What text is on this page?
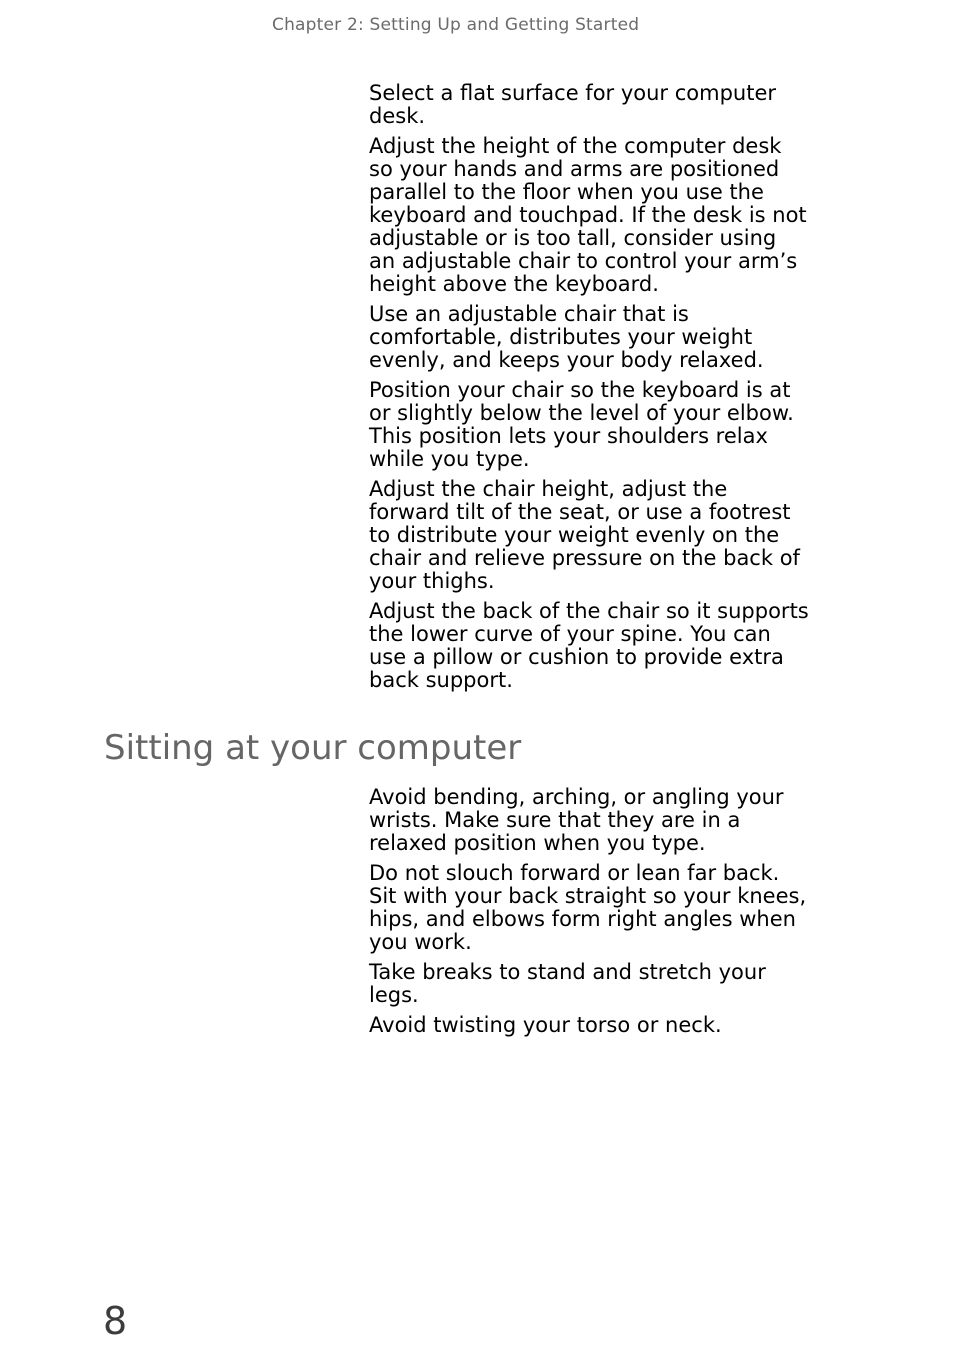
Chapter 2: Setting Up and Getting Started

Select a flat surface for your computer desk.

Adjust the height of the computer desk so your hands and arms are positioned parallel to the floor when you use the keyboard and touchpad. If the desk is not adjustable or is too tall, consider using an adjustable chair to control your arm’s height above the keyboard.

Use an adjustable chair that is comfortable, distributes your weight evenly, and keeps your body relaxed.

Position your chair so the keyboard is at or slightly below the level of your elbow. This position lets your shoulders relax while you type.

Adjust the chair height, adjust the forward tilt of the seat, or use a footrest to distribute your weight evenly on the chair and relieve pressure on the back of your thighs.

Adjust the back of the chair so it supports the lower curve of your spine. You can use a pillow or cushion to provide extra back support.

Sitting at your computer

Avoid bending, arching, or angling your wrists. Make sure that they are in a relaxed position when you type.

Do not slouch forward or lean far back. Sit with your back straight so your knees, hips, and elbows form right angles when you work.

Take breaks to stand and stretch your legs.

Avoid twisting your torso or neck.

8
